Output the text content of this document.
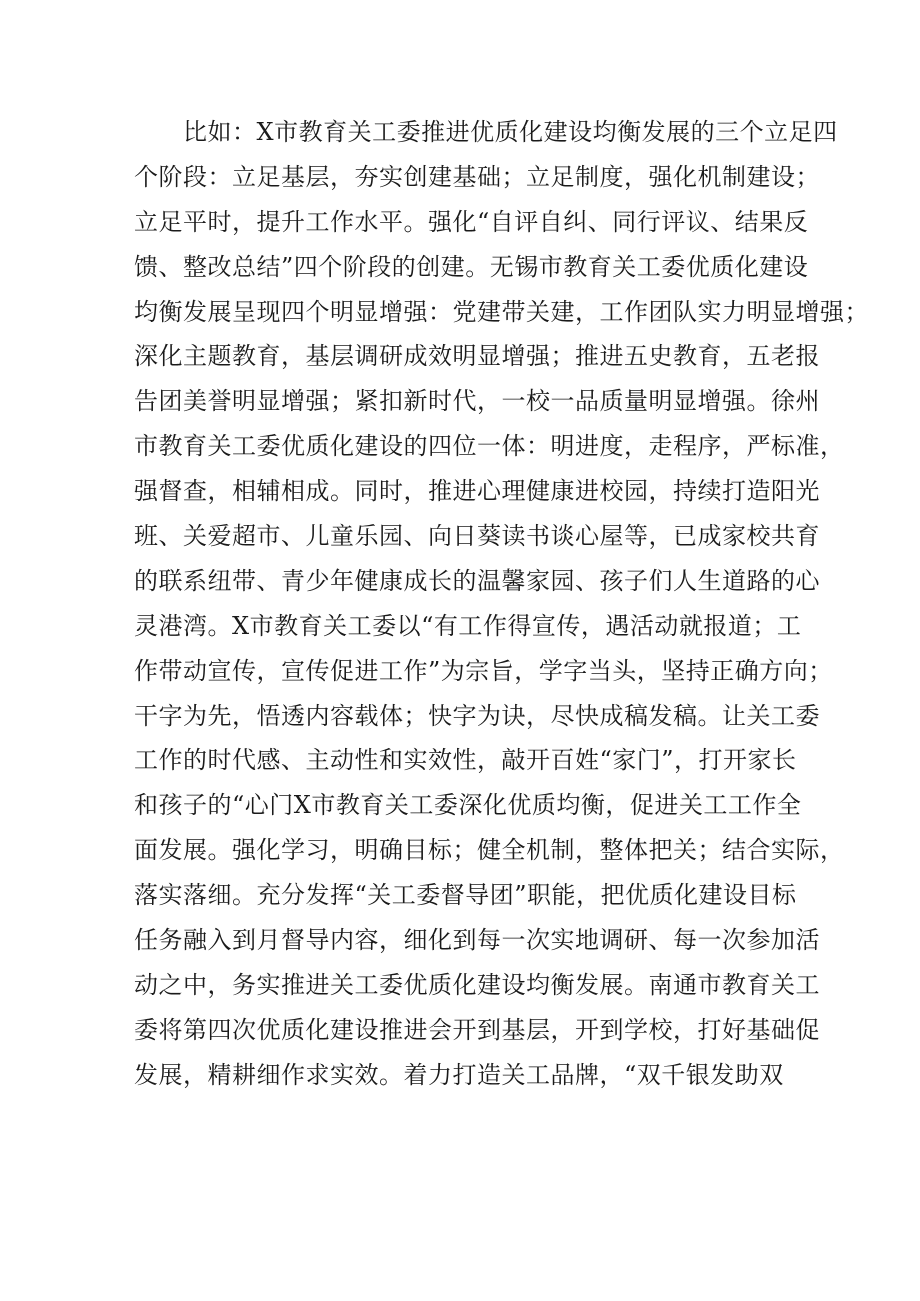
　　比如：X市教育关工委推进优质化建设均衡发展的三个立足四
个阶段：立足基层，夯实创建基础；立足制度，强化机制建设；
立足平时，提升工作水平。强化“自评自纠、同行评议、结果反
馈、整改总结”四个阶段的创建。无锡市教育关工委优质化建设
均衡发展呈现四个明显增强：党建带关建，工作团队实力明显增强；
深化主题教育，基层调研成效明显增强；推进五史教育，五老报
告团美誉明显增强；紧扣新时代，一校一品质量明显增强。徐州
市教育关工委优质化建设的四位一体：明进度，走程序，严标准，
强督查，相辅相成。同时，推进心理健康进校园，持续打造阳光
班、关爱超市、儿童乐园、向日葵读书谈心屋等，已成家校共育
的联系纽带、青少年健康成长的温馨家园、孩子们人生道路的心
灵港湾。X市教育关工委以“有工作得宣传，遇活动就报道；工
作带动宣传，宣传促进工作”为宗旨，学字当头，坚持正确方向；
干字为先，悟透内容载体；快字为诀，尽快成稿发稿。让关工委
工作的时代感、主动性和实效性，敲开百姓“家门”，打开家长
和孩子的“心门X市教育关工委深化优质均衡，促进关工工作全
面发展。强化学习，明确目标；健全机制，整体把关；结合实际，
落实落细。充分发挥“关工委督导团”职能，把优质化建设目标
任务融入到月督导内容，细化到每一次实地调研、每一次参加活
动之中，务实推进关工委优质化建设均衡发展。南通市教育关工
委将第四次优质化建设推进会开到基层，开到学校，打好基础促
发展，精耕细作求实效。着力打造关工品牌，“双千银发助双
